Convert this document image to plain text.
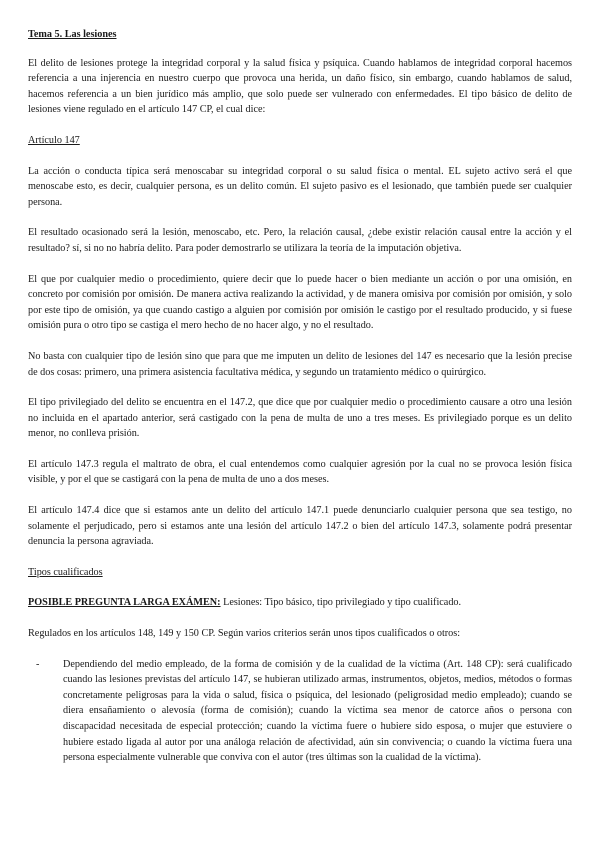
Tema 5. Las lesiones

El delito de lesiones protege la integridad corporal y la salud física y psíquica. Cuando hablamos de integridad corporal hacemos referencia a una injerencia en nuestro cuerpo que provoca una herida, un daño físico, sin embargo, cuando hablamos de salud, hacemos referencia a un bien jurídico más amplio, que solo puede ser vulnerado con enfermedades. El tipo básico de delito de lesiones viene regulado en el artículo 147 CP, el cual dice:

Artículo 147

La acción o conducta típica será menoscabar su integridad corporal o su salud física o mental. EL sujeto activo será el que menoscabe esto, es decir, cualquier persona, es un delito común. El sujeto pasivo es el lesionado, que también puede ser cualquier persona.

El resultado ocasionado será la lesión, menoscabo, etc. Pero, la relación causal, ¿debe existir relación causal entre la acción y el resultado? sí, si no no habría delito. Para poder demostrarlo se utilizara la teoría de la imputación objetiva.

El que por cualquier medio o procedimiento, quiere decir que lo puede hacer o bien mediante un acción o por una omisión, en concreto por comisión por omisión. De manera activa realizando la actividad, y de manera omisiva por comisión por omisión, y solo por este tipo de omisión, ya que cuando castigo a alguien por comisión por omisión le castigo por el resultado producido, y si fuese omisión pura o otro tipo se castiga el mero hecho de no hacer algo, y no el resultado.

No basta con cualquier tipo de lesión sino que para que me imputen un delito de lesiones del 147 es necesario que la lesión precise de dos cosas: primero, una primera asistencia facultativa médica, y segundo un tratamiento médico o quirúrgico.

El tipo privilegiado del delito se encuentra en el 147.2, que dice que por cualquier medio o procedimiento causare a otro una lesión no incluida en el apartado anterior, será castigado con la pena de multa de uno a tres meses. Es privilegiado porque es un delito menor, no conlleva prisión.

El artículo 147.3 regula el maltrato de obra, el cual entendemos como cualquier agresión por la cual no se provoca lesión física visible, y por el que se castigará con la pena de multa de uno a dos meses.

El artículo 147.4 dice que si estamos ante un delito del artículo 147.1 puede denunciarlo cualquier persona que sea testigo, no solamente el perjudicado, pero si estamos ante una lesión del artículo 147.2 o bien del artículo 147.3, solamente podrá presentar denuncia la persona agraviada.

Tipos cualificados

POSIBLE PREGUNTA LARGA EXÁMEN: Lesiones: Tipo básico, tipo privilegiado y tipo cualificado.

Regulados en los artículos 148, 149 y 150 CP. Según varios criterios serán unos tipos cualificados o otros:

- Dependiendo del medio empleado, de la forma de comisión y de la cualidad de la víctima (Art. 148 CP): será cualificado cuando las lesiones previstas del artículo 147, se hubieran utilizado armas, instrumentos, objetos, medios, métodos o formas concretamente peligrosas para la vida o salud, física o psíquica, del lesionado (peligrosidad medio empleado); cuando se diera ensañamiento o alevosía (forma de comisión); cuando la víctima sea menor de catorce años o persona con discapacidad necesitada de especial protección; cuando la víctima fuere o hubiere sido esposa, o mujer que estuviere o hubiere estado ligada al autor por una análoga relación de afectividad, aún sin convivencia; o cuando la víctima fuera una persona especialmente vulnerable que conviva con el autor (tres últimas son la cualidad de la víctima).
